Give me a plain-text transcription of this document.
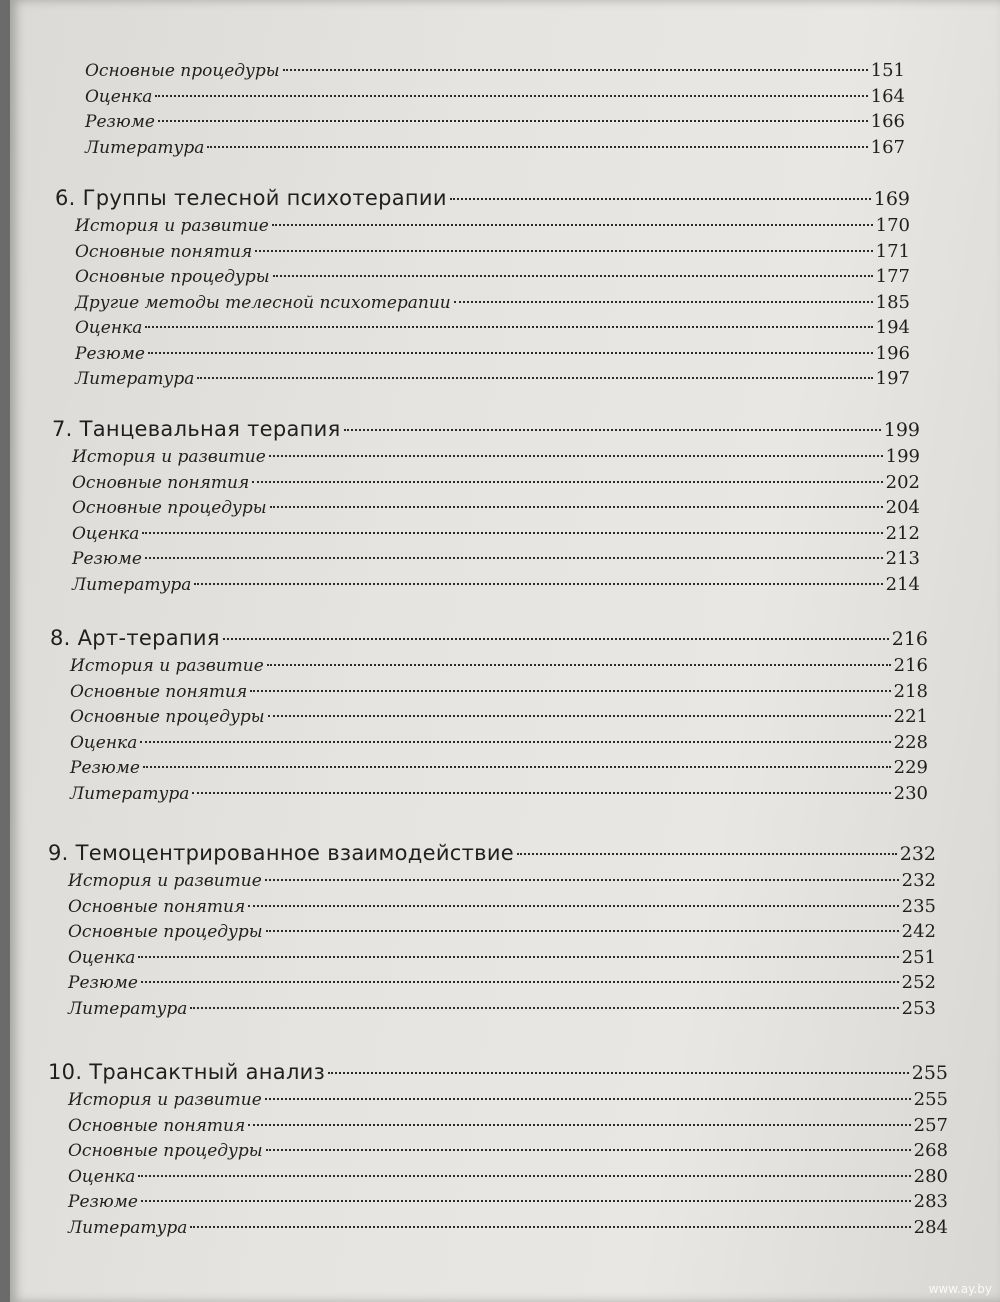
Основные процедуры	151
Оценка	164
Резюме	166
Литература	167
6. Группы телесной психотерапии	169
История и развитие	170
Основные понятия	171
Основные процедуры	177
Другие методы телесной психотерапии	185
Оценка	194
Резюме	196
Литература	197
7. Танцевальная терапия	199
История и развитие	199
Основные понятия	202
Основные процедуры	204
Оценка	212
Резюме	213
Литература	214
8. Арт-терапия	216
История и развитие	216
Основные понятия	218
Основные процедуры	221
Оценка	228
Резюме	229
Литература	230
9. Темоцентрированное взаимодействие	232
История и развитие	232
Основные понятия	235
Основные процедуры	242
Оценка	251
Резюме	252
Литература	253
10. Трансактный анализ	255
История и развитие	255
Основные понятия	257
Основные процедуры	268
Оценка	280
Резюме	283
Литература	284
www.ay.by
